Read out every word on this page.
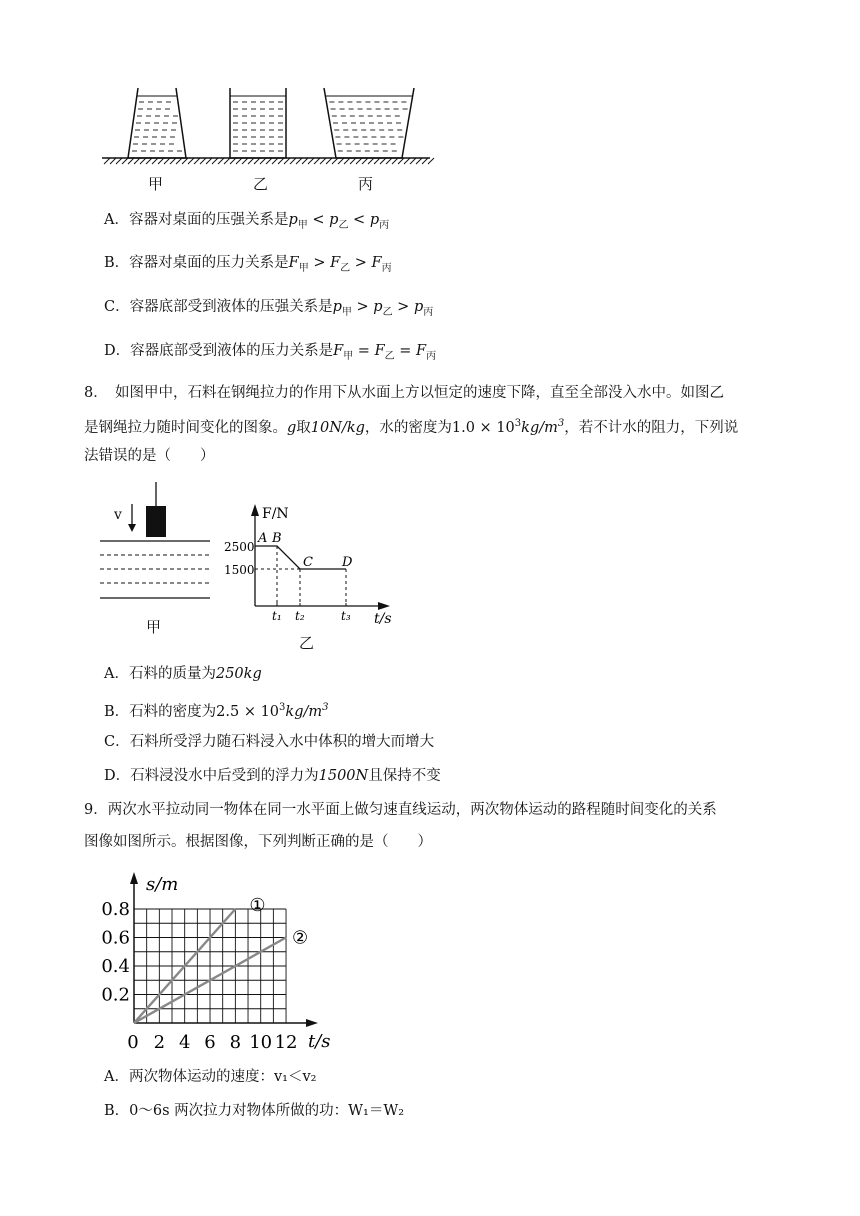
甲	乙	丙
A．容器对桌面的压强关系是$p_甲 < p_乙 < p_丙$
B．容器对桌面的压力关系是$F_甲 > F_乙 > F_丙$
C．容器底部受到液体的压强关系是$p_甲 > p_乙 > p_丙$
D．容器底部受到液体的压力关系是$F_甲 = F_乙 = F_丙$
8．　如图甲中，石料在钢绳拉力的作用下从水面上方以恒定的速度下降，直至全部没入水中。如图乙
是钢绳拉力随时间变化的图象。g取10N/kg，水的密度为$1.0 \times 10^3kg/m^3$，若不计水的阻力，下列说
法错误的是（　　）
v
甲
F/N
t/s
2500
1500
t₁ t₂	t₃
A B
C D
乙
A．石料的质量为250kg
B．石料的密度为$2.5 \times 10^3kg/m^3$
C．石料所受浮力随石料浸入水中体积的增大而增大
D．石料浸没水中后受到的浮力为1500N且保持不变
9．两次水平拉动同一物体在同一水平面上做匀速直线运动，两次物体运动的路程随时间变化的关系
图像如图所示。根据图像，下列判断正确的是（　　）
s/m
t/s
0.8
0.6
0.4
0.2
0 2 4 6 8 10 12
①
②
A．两次物体运动的速度：v₁＜v₂
B．0～6s 两次拉力对物体所做的功：W₁＝W₂
